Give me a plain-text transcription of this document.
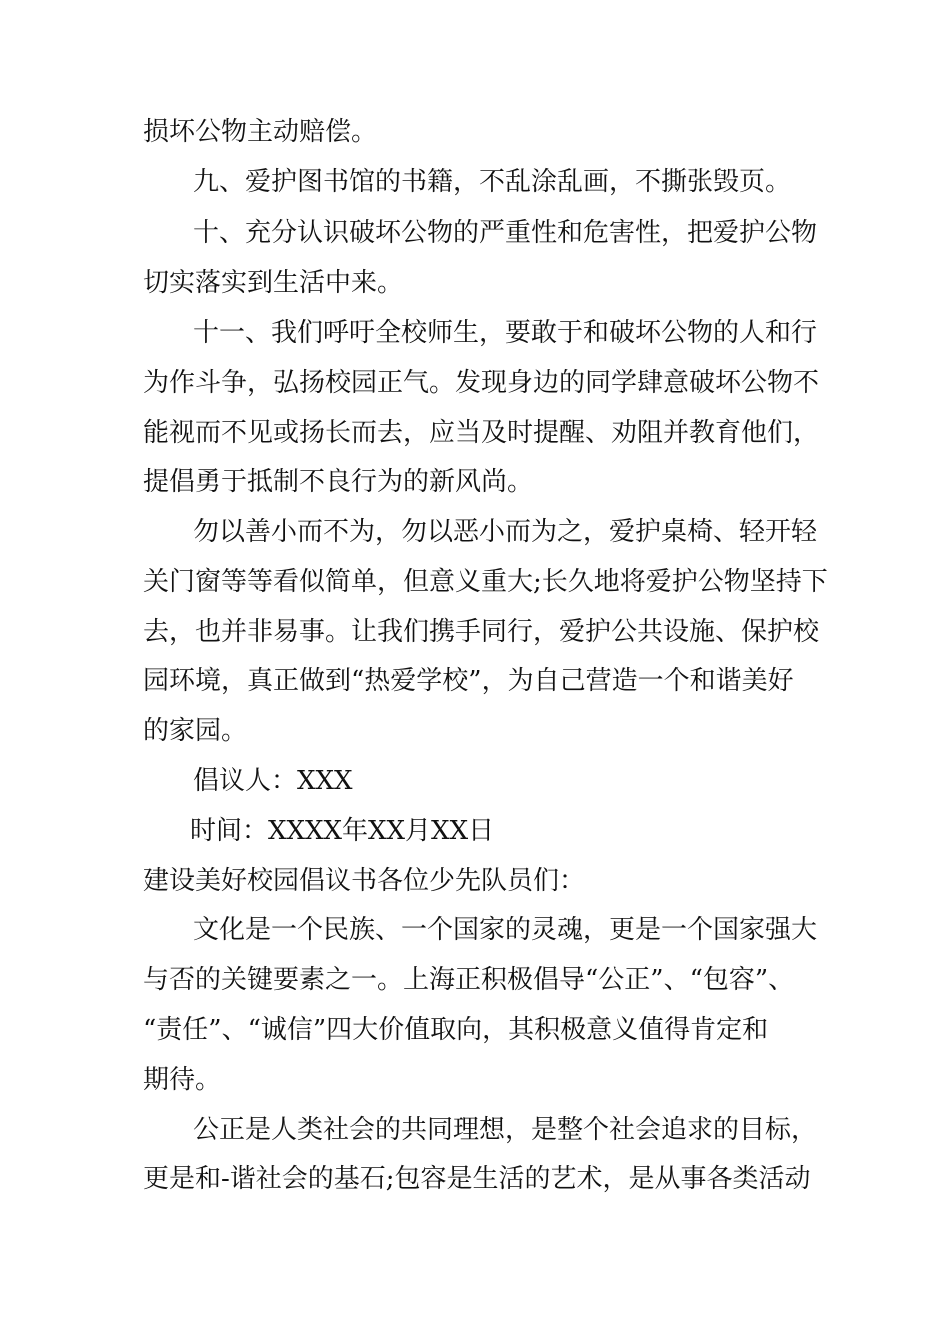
损坏公物主动赔偿。
九、爱护图书馆的书籍，不乱涂乱画，不撕张毁页。
十、充分认识破坏公物的严重性和危害性，把爱护公物
切实落实到生活中来。
十一、我们呼吁全校师生，要敢于和破坏公物的人和行
为作斗争，弘扬校园正气。发现身边的同学肆意破坏公物不
能视而不见或扬长而去，应当及时提醒、劝阻并教育他们，
提倡勇于抵制不良行为的新风尚。
勿以善小而不为，勿以恶小而为之，爱护桌椅、轻开轻
关门窗等等看似简单，但意义重大;长久地将爱护公物坚持下
去，也并非易事。让我们携手同行，爱护公共设施、保护校
园环境，真正做到“热爱学校”，为自己营造一个和谐美好
的家园。
倡议人：XXX
时间：XXXX年XX月XX日
建设美好校园倡议书各位少先队员们：
文化是一个民族、一个国家的灵魂，更是一个国家强大
与否的关键要素之一。上海正积极倡导“公正”、“包容”、
“责任”、“诚信”四大价值取向，其积极意义值得肯定和
期待。
公正是人类社会的共同理想，是整个社会追求的目标，
更是和-谐社会的基石;包容是生活的艺术，是从事各类活动
